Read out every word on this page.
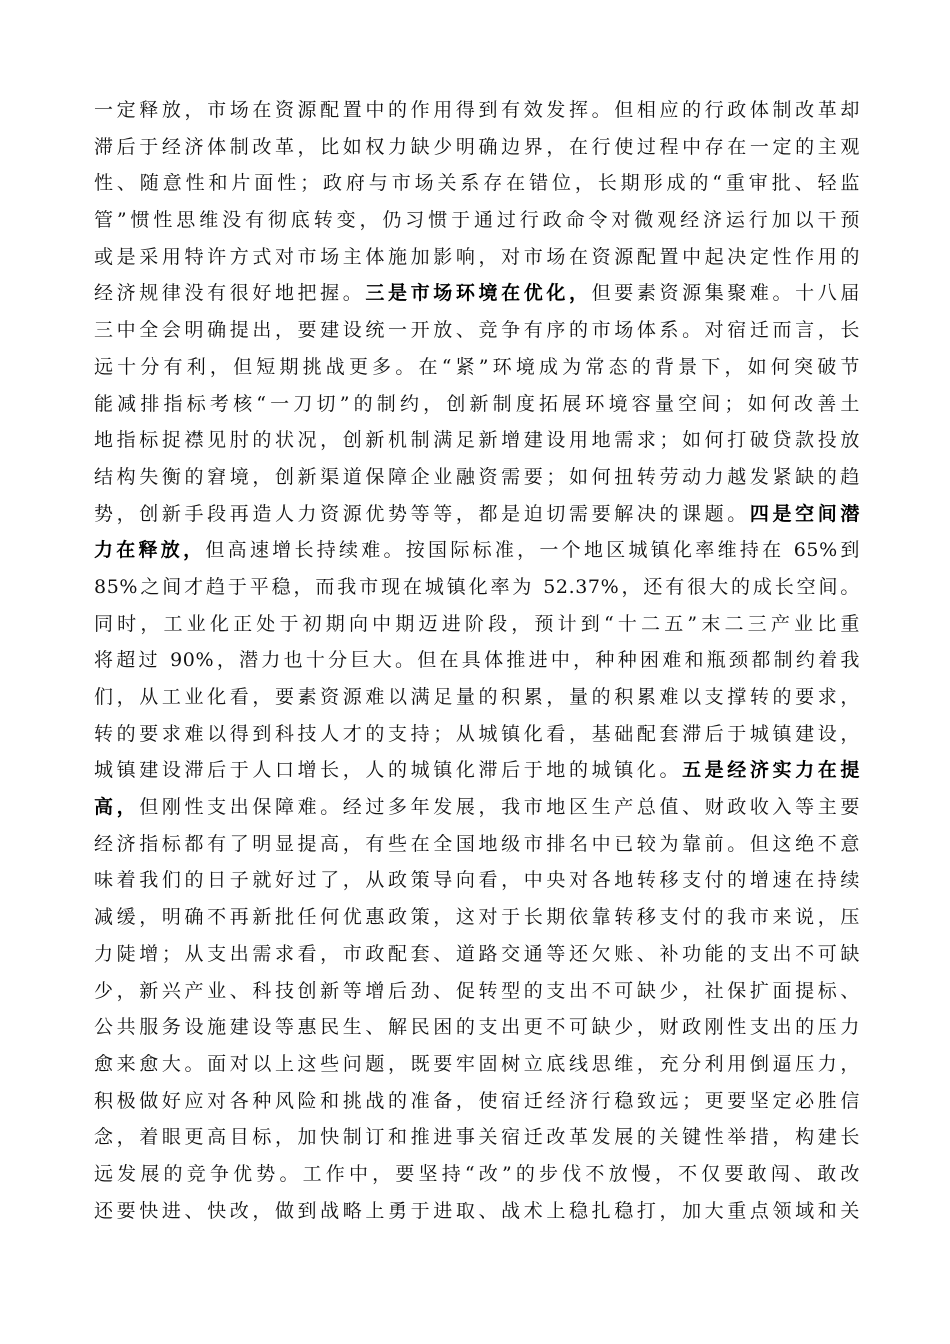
一定释放，市场在资源配置中的作用得到有效发挥。但相应的行政体制改革却
滞后于经济体制改革，比如权力缺少明确边界，在行使过程中存在一定的主观
性、随意性和片面性；政府与市场关系存在错位，长期形成的“重审批、轻监
管”惯性思维没有彻底转变，仍习惯于通过行政命令对微观经济运行加以干预
或是采用特许方式对市场主体施加影响，对市场在资源配置中起决定性作用的
经济规律没有很好地把握。三是市场环境在优化，但要素资源集聚难。十八届
三中全会明确提出，要建设统一开放、竞争有序的市场体系。对宿迁而言，长
远十分有利，但短期挑战更多。在“紧”环境成为常态的背景下，如何突破节
能减排指标考核“一刀切”的制约，创新制度拓展环境容量空间；如何改善土
地指标捉襟见肘的状况，创新机制满足新增建设用地需求；如何打破贷款投放
结构失衡的窘境，创新渠道保障企业融资需要；如何扭转劳动力越发紧缺的趋
势，创新手段再造人力资源优势等等，都是迫切需要解决的课题。四是空间潜
力在释放，但高速增长持续难。按国际标准，一个地区城镇化率维持在 65%到
85%之间才趋于平稳，而我市现在城镇化率为 52.37%，还有很大的成长空间。
同时，工业化正处于初期向中期迈进阶段，预计到“十二五”末二三产业比重
将超过 90%，潜力也十分巨大。但在具体推进中，种种困难和瓶颈都制约着我
们，从工业化看，要素资源难以满足量的积累，量的积累难以支撑转的要求，
转的要求难以得到科技人才的支持；从城镇化看，基础配套滞后于城镇建设，
城镇建设滞后于人口增长，人的城镇化滞后于地的城镇化。五是经济实力在提
高，但刚性支出保障难。经过多年发展，我市地区生产总值、财政收入等主要
经济指标都有了明显提高，有些在全国地级市排名中已较为靠前。但这绝不意
味着我们的日子就好过了，从政策导向看，中央对各地转移支付的增速在持续
减缓，明确不再新批任何优惠政策，这对于长期依靠转移支付的我市来说，压
力陡增；从支出需求看，市政配套、道路交通等还欠账、补功能的支出不可缺
少，新兴产业、科技创新等增后劲、促转型的支出不可缺少，社保扩面提标、
公共服务设施建设等惠民生、解民困的支出更不可缺少，财政刚性支出的压力
愈来愈大。面对以上这些问题，既要牢固树立底线思维，充分利用倒逼压力，
积极做好应对各种风险和挑战的准备，使宿迁经济行稳致远；更要坚定必胜信
念，着眼更高目标，加快制订和推进事关宿迁改革发展的关键性举措，构建长
远发展的竞争优势。工作中，要坚持“改”的步伐不放慢，不仅要敢闯、敢改
还要快进、快改，做到战略上勇于进取、战术上稳扎稳打，加大重点领域和关
